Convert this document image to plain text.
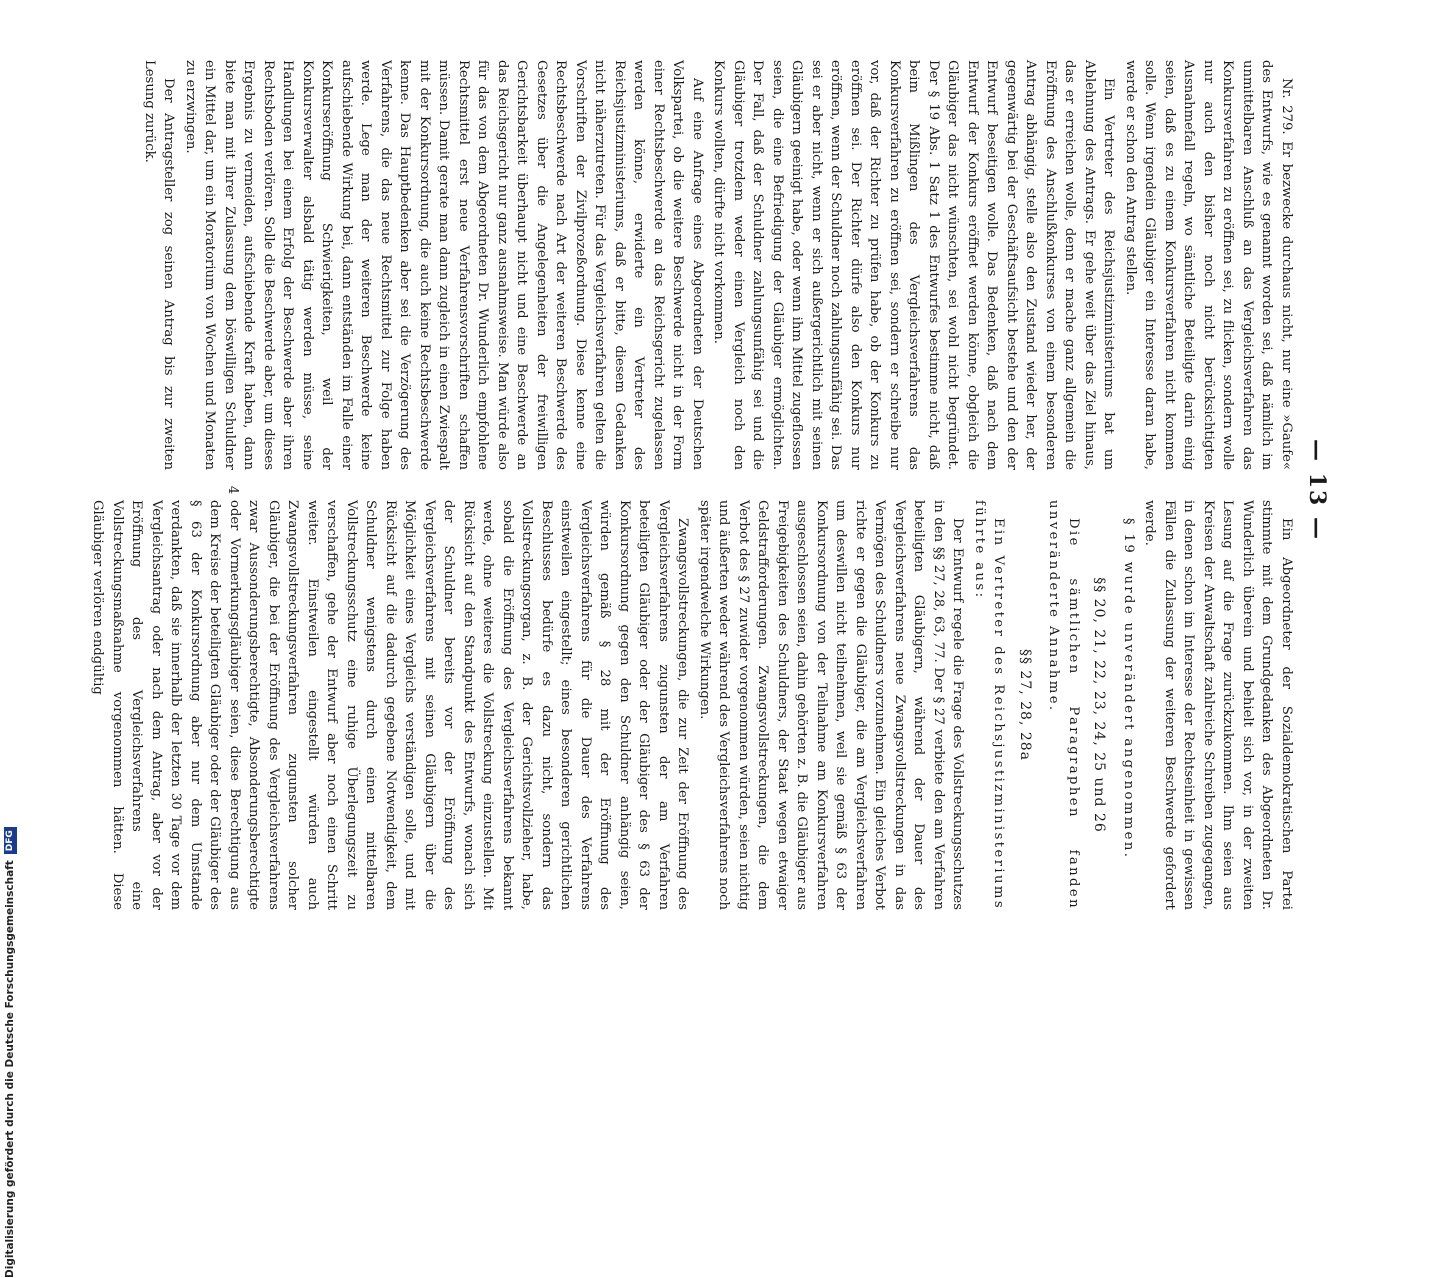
Digitalisierung gefördert durch die Deutsche Forschungsgemeinschaft
DFG
— 13 —

Nr. 279. Er bezwecke durchaus nicht, nur eine »Gaufe« des Entwurfs, wie es genannt worden sei, daß nämlich im unmittelbaren Anschluß an das Vergleichsverfahren das Konkursverfahren zu eröffnen sei, zu flicken, sondern wolle nur auch den bisher noch nicht berücksichtigten Ausnahmefall regeln, wo sämtliche Beteiligte darin einig seien, daß es zu einem Konkursverfahren nicht kommen solle. Wenn irgendein Gläubiger ein Interesse daran habe, werde er schon den Antrag stellen.

Ein Vertreter des Reichsjustizministeriums bat um Ablehnung des Antrags. Er gehe weit über das Ziel hinaus, das er erreichen wolle, denn er mache ganz allgemein die Eröffnung des Anschlußkonkurses von einem besonderen Antrag abhängig, stelle also den Zustand wieder her, der gegenwärtig bei der Geschäftsaufsicht bestehe und den der Entwurf beseitigen wolle. Das Bedenken, daß nach dem Entwurf der Konkurs eröffnet werden könne, obgleich die Gläubiger das nicht wünschten, sei wohl nicht begründet. Der § 19 Abs. 1 Satz 1 des Entwurfes bestimme nicht, daß beim Mißlingen des Vergleichsverfahrens das Konkursverfahren zu eröffnen sei, sondern er schreibe nur vor, daß der Richter zu prüfen habe, ob der Konkurs zu eröffnen sei. Der Richter dürfe also den Konkurs nur eröffnen, wenn der Schuldner noch zahlungsunfähig sei. Das sei er aber nicht, wenn er sich außergerichtlich mit seinen Gläubigern geeinigt habe, oder wenn ihm Mittel zugeflossen seien, die eine Befriedigung der Gläubiger ermöglichten. Der Fall, daß der Schuldner zahlungsunfähig sei und die Gläubiger trotzdem weder einen Vergleich noch den Konkurs wollten, dürfte nicht vorkommen.

Auf eine Anfrage eines Abgeordneten der Deutschen Volkspartei, ob die weitere Beschwerde nicht in der Form einer Rechtsbeschwerde an das Reichsgericht zugelassen werden könne, erwiderte ein Vertreter des Reichsjustizministeriums, daß er bitte, diesem Gedanken nicht näherzutreten. Für das Vergleichsverfahren gelten die Vorschriften der Zivilprozeßordnung. Diese kenne eine Rechtsbeschwerde nach Art der weiteren Beschwerde des Gesetzes über die Angelegenheiten der freiwilligen Gerichtsbarkeit überhaupt nicht und eine Beschwerde an das Reichsgericht nur ganz ausnahmsweise. Man würde also für das von dem Abgeordneten Dr. Wunderlich empfohlene Rechtsmittel erst neue Verfahrensvorschriften schaffen müssen. Damit gerate man dann zugleich in einen Zwiespalt mit der Konkursordnung, die auch keine Rechtsbeschwerde kenne. Das Hauptbedenken aber sei die Verzögerung des Verfahrens, die das neue Rechtsmittel zur Folge haben werde. Lege man der weiteren Beschwerde keine aufschiebende Wirkung bei, dann entständen im Falle einer Konkurseröffnung Schwierigkeiten, weil der Konkursverwalter alsbald tätig werden müsse, seine Handlungen bei einem Erfolg der Beschwerde aber ihren Rechtsboden verlören. Solle die Beschwerde aber, um dieses Ergebnis zu vermeiden, aufschiebende Kraft haben, dann biete man mit ihrer Zulassung dem böswilligen Schuldner ein Mittel dar, um ein Moratorium von Wochen und Monaten zu erzwingen.

Der Antragsteller zog seinen Antrag bis zur zweiten Lesung zurück.

Ein Abgeordneter der Sozialdemokratischen Partei stimmte mit dem Grundgedanken des Abgeordneten Dr. Wunderlich überein und behielt sich vor, in der zweiten Lesung auf die Frage zurückzukommen. Ihm seien aus Kreisen der Anwaltschaft zahlreiche Schreiben zugegangen, in denen schon im Interesse der Rechtseinheit in gewissen Fällen die Zulassung der weiteren Beschwerde gefordert werde.

§ 19 wurde unverändert angenommen.

§§ 20, 21, 22, 23, 24, 25 und 26

Die sämtlichen Paragraphen fanden unveränderte Annahme.

§§ 27, 28, 28a

Ein Vertreter des Reichsjustizministeriums führte aus:

Der Entwurf regele die Frage des Vollstreckungsschutzes in den §§ 27, 28, 63, 77. Der § 27 verbiete den am Verfahren beteiligten Gläubigern, während der Dauer des Vergleichsverfahrens neue Zwangsvollstreckungen in das Vermögen des Schuldners vorzunehmen. Ein gleiches Verbot richte er gegen die Gläubiger, die am Vergleichsverfahren um deswillen nicht teilnehmen, weil sie gemäß § 63 der Konkursordnung von der Teilnahme am Konkursverfahren ausgeschlossen seien, dahin gehörten z. B. die Gläubiger aus Freigebigkeiten des Schuldners, der Staat wegen etwaiger Geldstrafforderungen. Zwangsvollstreckungen, die dem Verbot des § 27 zuwider vorgenommen würden, seien nichtig und äußerten weder während des Vergleichsverfahrens noch später irgendwelche Wirkungen.

Zwangsvollstreckungen, die zur Zeit der Eröffnung des Vergleichsverfahrens zugunsten der am Verfahren beteiligten Gläubiger oder der Gläubiger des § 63 der Konkursordnung gegen den Schuldner anhängig seien, würden gemäß § 28 mit der Eröffnung des Vergleichsverfahrens für die Dauer des Verfahrens einstweilen eingestellt; eines besonderen gerichtlichen Beschlusses bedürfe es dazu nicht, sondern das Vollstreckungsorgan, z. B. der Gerichtsvollzieher, habe, sobald die Eröffnung des Vergleichsverfahrens bekannt werde, ohne weiteres die Vollstreckung einzustellen. Mit Rücksicht auf den Standpunkt des Entwurfs, wonach sich der Schuldner bereits vor der Eröffnung des Vergleichsverfahrens mit seinen Gläubigern über die Möglichkeit eines Vergleichs verständigen solle, und mit Rücksicht auf die dadurch gegebene Notwendigkeit, dem Schuldner wenigstens durch einen mittelbaren Vollstreckungsschutz eine ruhige Überlegungszeit zu verschaffen, gehe der Entwurf aber noch einen Schritt weiter. Einstweilen eingestellt würden auch Zwangsvollstreckungsverfahren zugunsten solcher Gläubiger, die bei der Eröffnung des Vergleichsverfahrens zwar Aussonderungsberechtigte, Absonderungsberechtigte oder Vormerkungsgläubiger seien, diese Berechtigung aus dem Kreise der beteiligten Gläubiger oder der Gläubiger des § 63 der Konkursordnung aber nur dem Umstande verdankten, daß sie innerhalb der letzten 30 Tage vor dem Vergleichsantrag oder nach dem Antrag, aber vor der Eröffnung des Vergleichsverfahrens eine Vollstreckungsmaßnahme vorgenommen hätten. Diese Gläubiger verlören endgültig

4
